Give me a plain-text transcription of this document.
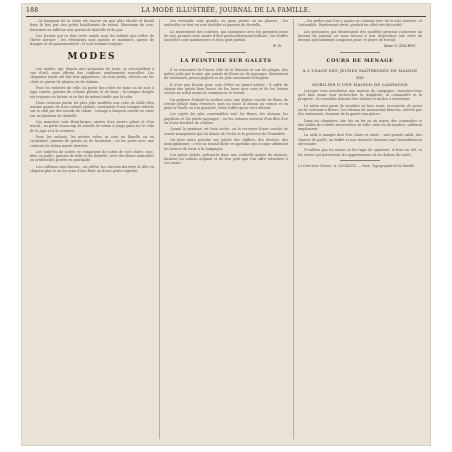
188	LA MODE ILLUSTRÉE, JOURNAL DE LA FAMILLE.

…la longueur de la visite est encore un peu plus étroite et formé dans le bas par des petits bouillonnés de ruban. Manteaux de soie, fourrures en taffetas noir garnis de dentelle et de jais.

Les formes qui se font cette année sont les mêmes que celles de l'hiver dernier ; les vêtements sont ajustés et montants, garnis de franges et de passementerie ; le noir domine toujours.

MODES

Les modes, qui, depuis une quinzaine de jours, se renouvellent à vue d'œil, nous offrent des coiffures entièrement nouvelles. Les chapeaux ronds ont fait leur apparition ; ils sont petits, relevés sur les côtés et garnis de plumes ou de rubans.

Pour les toilettes de ville, on porte des robes de laine ou de soie à jupe courte, garnies de volants plissés et de biais ; la tunique drapée est toujours en faveur et se fait de même étoffe que la robe.

Nous citerons parmi les plus jolis modèles une robe de faille bleu marine garnie de trois volants plissés, surmontés d'une tunique relevée sur le côté par des nœuds de ruban ; corsage à basques ouvert en cœur sur un plastron de dentelle.

Les manches sont demi-larges, ornées d'un revers plissé et d'un nœud ; on porte beaucoup de nœuds de ruban à longs pans sur le côté de la jupe et à la ceinture.

Pour les enfants, les petites robes se font en flanelle ou en cachemire, garnies de galons ou de broderies ; on les porte avec une ceinture de ruban nouée derrière.

Les toilettes de soirée se composent de robes de soie claire, rose, bleu ou paille, garnies de tulle et de dentelle, avec des fleurs naturelles ou artificielles posées en guirlande.

Les coiffures sont basses ; on relève les cheveux derrière la tête en chignon plat et on les orne d'une fleur ou d'une petite aigrette.

Les éventails sont grands, en gaze peinte ou en plumes ; les ombrelles se font en soie doublée et garnies de dentelle.

Le mouvement des toilettes, qui commence avec les premiers jours de mai, promet cette année d'être particulièrement brillant ; les étoffes nouvelles sont nombreuses et d'un goût parfait.

E. R.
LA PEINTURE SUR GALETS

Il se rencontre de l'autre côté de la Manche et sur les plages, des galets polis par la mer, qui, peints de fleurs ou de paysages, deviennent de charmants presse-papiers et de jolis ornements d'étagère.

Il n'est pas besoin pour cela d'être un grand artiste ; il suffit de choisir des galets bien lisses, de les laver avec soin et de les laisser sécher au soleil avant de commencer le travail.

On prépare d'abord la surface avec une légère couche de blanc de céruse délayé dans l'essence, puis on trace le dessin au crayon et on peint à l'huile ou à la gouache, selon l'effet qu'on veut obtenir.

Les sujets les plus convenables sont les fleurs, les oiseaux, les papillons et les petits paysages ; on les entoure souvent d'un filet d'or ou d'une bordure de couleur.

Quand la peinture est bien sèche, on la recouvre d'une couche de vernis transparent qui lui donne de l'éclat et la préserve de l'humidité.

On peut aussi peindre sur galets des chiffres, des devises, des monogrammes ; c'est un travail facile et agréable qui occupe utilement les heures de loisir à la campagne.

Ces petits objets, présentés dans une corbeille garnie de mousse, forment un cadeau original et de bon goût que l'on offre volontiers à ses amies.

…les perles que l'on y ajoute se cousent avec de la soie assortie, et l'ensemble, légèrement verni, produit un effet très décoratif.

Les personnes qui désireraient des modèles peuvent s'adresser au bureau du journal, où nous tenons à leur disposition une série de dessins spécialement composés pour ce genre de travail.

Mme G. DOLEDY.
COURS DE MÉNAGE
À L'USAGE DES JEUNES MAÎTRESSES DE MAISON
XXI
MOBILIER D'UNE MAISON DE CAMPAGNE

Lorsque vous meublerez une maison de campagne, souvenez-vous qu'il faut avant tout rechercher la simplicité, la commodité et la propreté ; les meubles doivent être solides et faciles à entretenir.

Le salon sera garni de meubles en bois verni, recouverts de perse ou de cretonne à fleurs ; les rideaux de mousseline blanche, relevés par des embrasses, donnent de la gaieté aux pièces.

Dans les chambres, des lits en fer ou en noyer, des commodes et des tables de toilette recouvertes de toile cirée ou de marbre, suffisent amplement.

La salle à manger doit être claire et aérée ; une grande table, des chaises de paille, un buffet et une desserte forment tout l'ameublement nécessaire.

N'oubliez pas les nattes et les tapis de sparterie, si frais en été, et les stores qui préservent les appartements de la chaleur du soleil.

Le Directeur-Gérant : A. GOUBAUD. — Paris. Typographie de la Famille.
